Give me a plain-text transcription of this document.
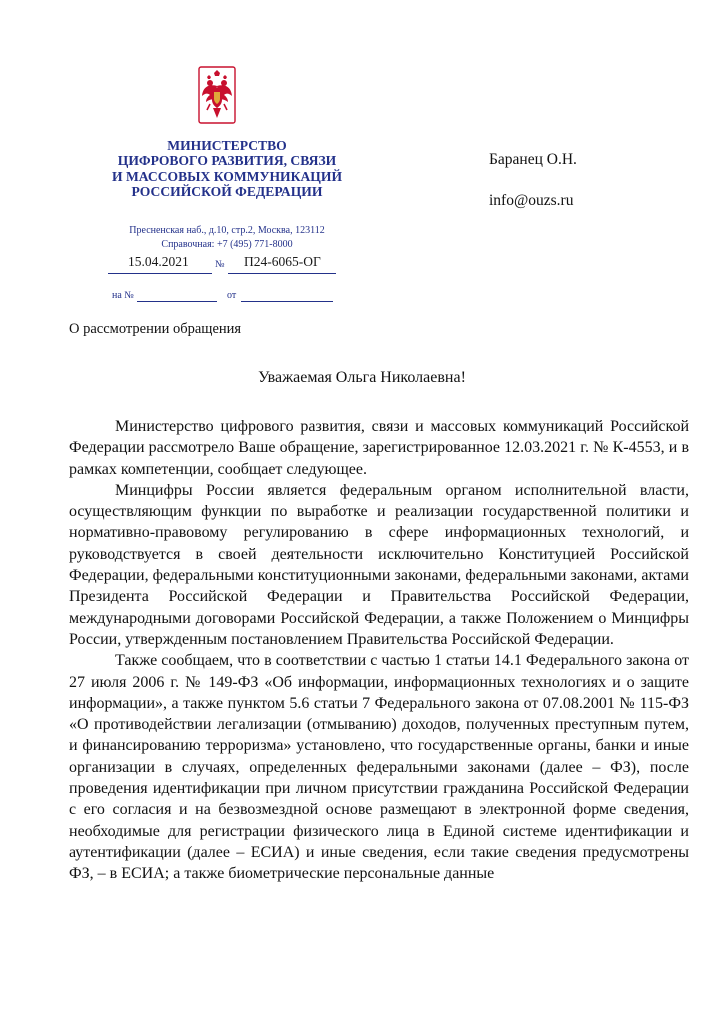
МИНИСТЕРСТВО
ЦИФРОВОГО РАЗВИТИЯ, СВЯЗИ
И МАССОВЫХ КОММУНИКАЦИЙ
РОССИЙСКОЙ ФЕДЕРАЦИИ
Пресненская наб., д.10, стр.2, Москва, 123112
Справочная: +7 (495) 771-8000
15.04.2021	№ П24-6065-ОГ
на №	от
Баранец О.Н.
info@ouzs.ru
О рассмотрении обращения
Уважаемая Ольга Николаевна!

Министерство цифрового развития, связи и массовых коммуникаций Российской Федерации рассмотрело Ваше обращение, зарегистрированное 12.03.2021 г. № К-4553, и в рамках компетенции, сообщает следующее.

Минцифры России является федеральным органом исполнительной власти, осуществляющим функции по выработке и реализации государственной политики и нормативно-правовому регулированию в сфере информационных технологий, и руководствуется в своей деятельности исключительно Конституцией Российской Федерации, федеральными конституционными законами, федеральными законами, актами Президента Российской Федерации и Правительства Российской Федерации, международными договорами Российской Федерации, а также Положением о Минцифры России, утвержденным постановлением Правительства Российской Федерации.

Также сообщаем, что в соответствии с частью 1 статьи 14.1 Федерального закона от 27 июля 2006 г. № 149-ФЗ «Об информации, информационных технологиях и о защите информации», а также пунктом 5.6 статьи 7 Федерального закона от 07.08.2001 № 115-ФЗ «О противодействии легализации (отмыванию) доходов, полученных преступным путем, и финансированию терроризма» установлено, что государственные органы, банки и иные организации в случаях, определенных федеральными законами (далее – ФЗ), после проведения идентификации при личном присутствии гражданина Российской Федерации с его согласия и на безвозмездной основе размещают в электронной форме сведения, необходимые для регистрации физического лица в Единой системе идентификации и аутентификации (далее – ЕСИА) и иные сведения, если такие сведения предусмотрены ФЗ, – в ЕСИА; а также биометрические персональные данные
